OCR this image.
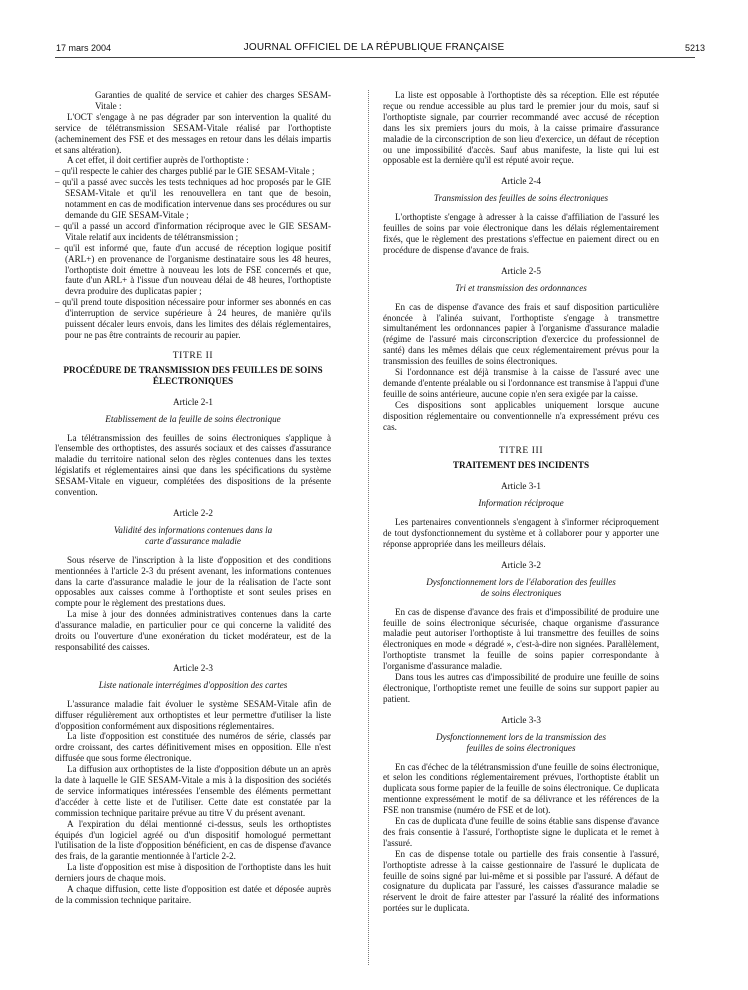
17 mars 2004	JOURNAL OFFICIEL DE LA RÉPUBLIQUE FRANÇAISE	5213

Garanties de qualité de service et cahier des charges SESAM-Vitale :

L'OCT s'engage à ne pas dégrader par son intervention la qualité du service de télétransmission SESAM-Vitale réalisé par l'orthoptiste (acheminement des FSE et des messages en retour dans les délais impartis et sans altération).

A cet effet, il doit certifier auprès de l'orthoptiste :

– qu'il respecte le cahier des charges publié par le GIE SESAM-Vitale ;

– qu'il a passé avec succès les tests techniques ad hoc proposés par le GIE SESAM-Vitale et qu'il les renouvellera en tant que de besoin, notamment en cas de modification intervenue dans ses procédures ou sur demande du GIE SESAM-Vitale ;

– qu'il a passé un accord d'information réciproque avec le GIE SESAM-Vitale relatif aux incidents de télétransmission ;

– qu'il est informé que, faute d'un accusé de réception logique positif (ARL+) en provenance de l'organisme destinataire sous les 48 heures, l'orthoptiste doit émettre à nouveau les lots de FSE concernés et que, faute d'un ARL+ à l'issue d'un nouveau délai de 48 heures, l'orthoptiste devra produire des duplicatas papier ;

– qu'il prend toute disposition nécessaire pour informer ses abonnés en cas d'interruption de service supérieure à 24 heures, de manière qu'ils puissent décaler leurs envois, dans les limites des délais réglementaires, pour ne pas être contraints de recourir au papier.

TITRE II
PROCÉDURE DE TRANSMISSION DES FEUILLES DE SOINS ÉLECTRONIQUES
Article 2-1
Etablissement de la feuille de soins électronique

La télétransmission des feuilles de soins électroniques s'applique à l'ensemble des orthoptistes, des assurés sociaux et des caisses d'assurance maladie du territoire national selon des règles contenues dans les textes législatifs et réglementaires ainsi que dans les spécifications du système SESAM-Vitale en vigueur, complétées des dispositions de la présente convention.

Article 2-2
Validité des informations contenues dans la carte d'assurance maladie

Sous réserve de l'inscription à la liste d'opposition et des conditions mentionnées à l'article 2-3 du présent avenant, les informations contenues dans la carte d'assurance maladie le jour de la réalisation de l'acte sont opposables aux caisses comme à l'orthoptiste et sont seules prises en compte pour le règlement des prestations dues.

La mise à jour des données administratives contenues dans la carte d'assurance maladie, en particulier pour ce qui concerne la validité des droits ou l'ouverture d'une exonération du ticket modérateur, est de la responsabilité des caisses.

Article 2-3
Liste nationale interrégimes d'opposition des cartes

L'assurance maladie fait évoluer le système SESAM-Vitale afin de diffuser régulièrement aux orthoptistes et leur permettre d'utiliser la liste d'opposition conformément aux dispositions réglementaires.

La liste d'opposition est constituée des numéros de série, classés par ordre croissant, des cartes définitivement mises en opposition. Elle n'est diffusée que sous forme électronique.

La diffusion aux orthoptistes de la liste d'opposition débute un an après la date à laquelle le GIE SESAM-Vitale a mis à la disposition des sociétés de service informatiques intéressées l'ensemble des éléments permettant d'accéder à cette liste et de l'utiliser. Cette date est constatée par la commission technique paritaire prévue au titre V du présent avenant.

A l'expiration du délai mentionné ci-dessus, seuls les orthoptistes équipés d'un logiciel agréé ou d'un dispositif homologué permettant l'utilisation de la liste d'opposition bénéficient, en cas de dispense d'avance des frais, de la garantie mentionnée à l'article 2-2.

La liste d'opposition est mise à disposition de l'orthoptiste dans les huit derniers jours de chaque mois.

A chaque diffusion, cette liste d'opposition est datée et déposée auprès de la commission technique paritaire.

La liste est opposable à l'orthoptiste dès sa réception. Elle est réputée reçue ou rendue accessible au plus tard le premier jour du mois, sauf si l'orthoptiste signale, par courrier recommandé avec accusé de réception dans les six premiers jours du mois, à la caisse primaire d'assurance maladie de la circonscription de son lieu d'exercice, un défaut de réception ou une impossibilité d'accès. Sauf abus manifeste, la liste qui lui est opposable est la dernière qu'il est réputé avoir reçue.

Article 2-4
Transmission des feuilles de soins électroniques

L'orthoptiste s'engage à adresser à la caisse d'affiliation de l'assuré les feuilles de soins par voie électronique dans les délais réglementairement fixés, que le règlement des prestations s'effectue en paiement direct ou en procédure de dispense d'avance de frais.

Article 2-5
Tri et transmission des ordonnances

En cas de dispense d'avance des frais et sauf disposition particulière énoncée à l'alinéa suivant, l'orthoptiste s'engage à transmettre simultanément les ordonnances papier à l'organisme d'assurance maladie (régime de l'assuré mais circonscription d'exercice du professionnel de santé) dans les mêmes délais que ceux réglementairement prévus pour la transmission des feuilles de soins électroniques.

Si l'ordonnance est déjà transmise à la caisse de l'assuré avec une demande d'entente préalable ou si l'ordonnance est transmise à l'appui d'une feuille de soins antérieure, aucune copie n'en sera exigée par la caisse.

Ces dispositions sont applicables uniquement lorsque aucune disposition réglementaire ou conventionnelle n'a expressément prévu ces cas.

TITRE III
TRAITEMENT DES INCIDENTS
Article 3-1
Information réciproque

Les partenaires conventionnels s'engagent à s'informer réciproquement de tout dysfonctionnement du système et à collaborer pour y apporter une réponse appropriée dans les meilleurs délais.

Article 3-2
Dysfonctionnement lors de l'élaboration des feuilles de soins électroniques

En cas de dispense d'avance des frais et d'impossibilité de produire une feuille de soins électronique sécurisée, chaque organisme d'assurance maladie peut autoriser l'orthoptiste à lui transmettre des feuilles de soins électroniques en mode « dégradé », c'est-à-dire non signées. Parallèlement, l'orthoptiste transmet la feuille de soins papier correspondante à l'organisme d'assurance maladie.

Dans tous les autres cas d'impossibilité de produire une feuille de soins électronique, l'orthoptiste remet une feuille de soins sur support papier au patient.

Article 3-3
Dysfonctionnement lors de la transmission des feuilles de soins électroniques

En cas d'échec de la télétransmission d'une feuille de soins électronique, et selon les conditions réglementairement prévues, l'orthoptiste établit un duplicata sous forme papier de la feuille de soins électronique. Ce duplicata mentionne expressément le motif de sa délivrance et les références de la FSE non transmise (numéro de FSE et de lot).

En cas de duplicata d'une feuille de soins établie sans dispense d'avance des frais consentie à l'assuré, l'orthoptiste signe le duplicata et le remet à l'assuré.

En cas de dispense totale ou partielle des frais consentie à l'assuré, l'orthoptiste adresse à la caisse gestionnaire de l'assuré le duplicata de feuille de soins signé par lui-même et si possible par l'assuré. A défaut de cosignature du duplicata par l'assuré, les caisses d'assurance maladie se réservent le droit de faire attester par l'assuré la réalité des informations portées sur le duplicata.
